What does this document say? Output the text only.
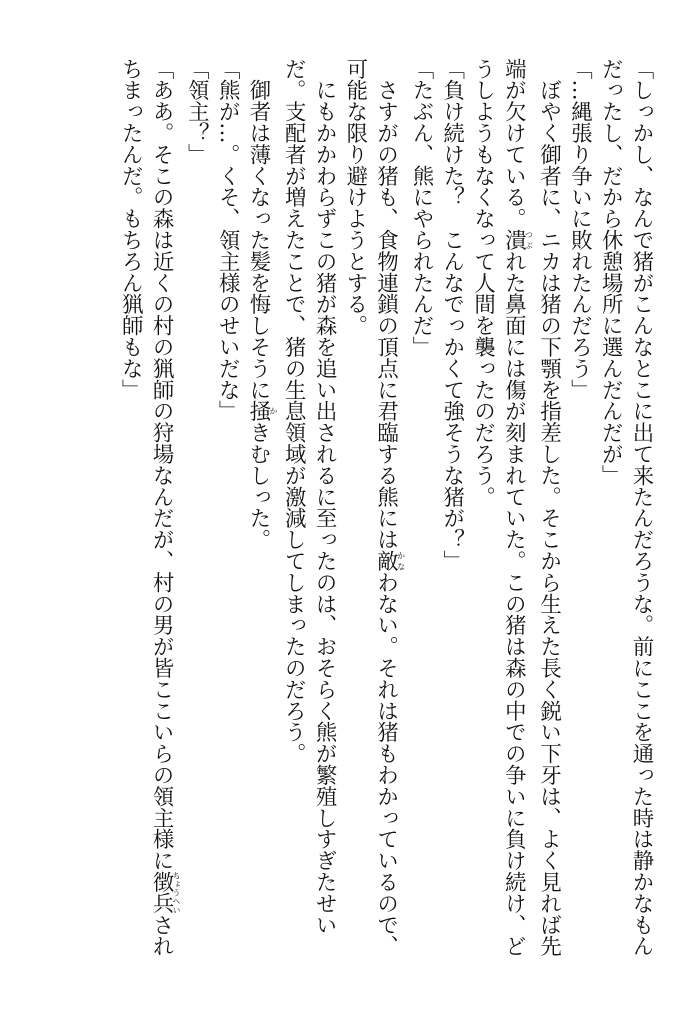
「しっかし、なんで猪がこんなとこに出て来たんだろうな。前にここを通った時は静かなもん
だったし、だから休憩場所に選んだんだが」
「…縄張り争いに敗れたんだろう」
　ぼやく御者に、ニカは猪の下顎を指差した。そこから生えた長く鋭い下牙は、よく見れば先
端が欠けている。潰つぶれた鼻面には傷が刻まれていた。この猪は森の中での争いに負け続け、ど
うしようもなくなって人間を襲ったのだろう。
「負け続けた？　こんなでっかくて強そうな猪が？」
「たぶん、熊にやられたんだ」
　さすがの猪も、食物連鎖の頂点に君臨する熊には敵かなわない。それは猪もわかっているので、
可能な限り避けようとする。
　にもかかわらずこの猪が森を追い出されるに至ったのは、おそらく熊が繁殖しすぎたせい
だ。支配者が増えたことで、猪の生息領域が激減してしまったのだろう。
　御者は薄くなった髪を悔しそうに掻かきむしった。
「熊が…。くそ、領主様のせいだな」
「領主？」
「ああ。そこの森は近くの村の猟師の狩場なんだが、村の男が皆ここいらの領主様に徴兵ちょうへいされ
ちまったんだ。もちろん猟師もな」
